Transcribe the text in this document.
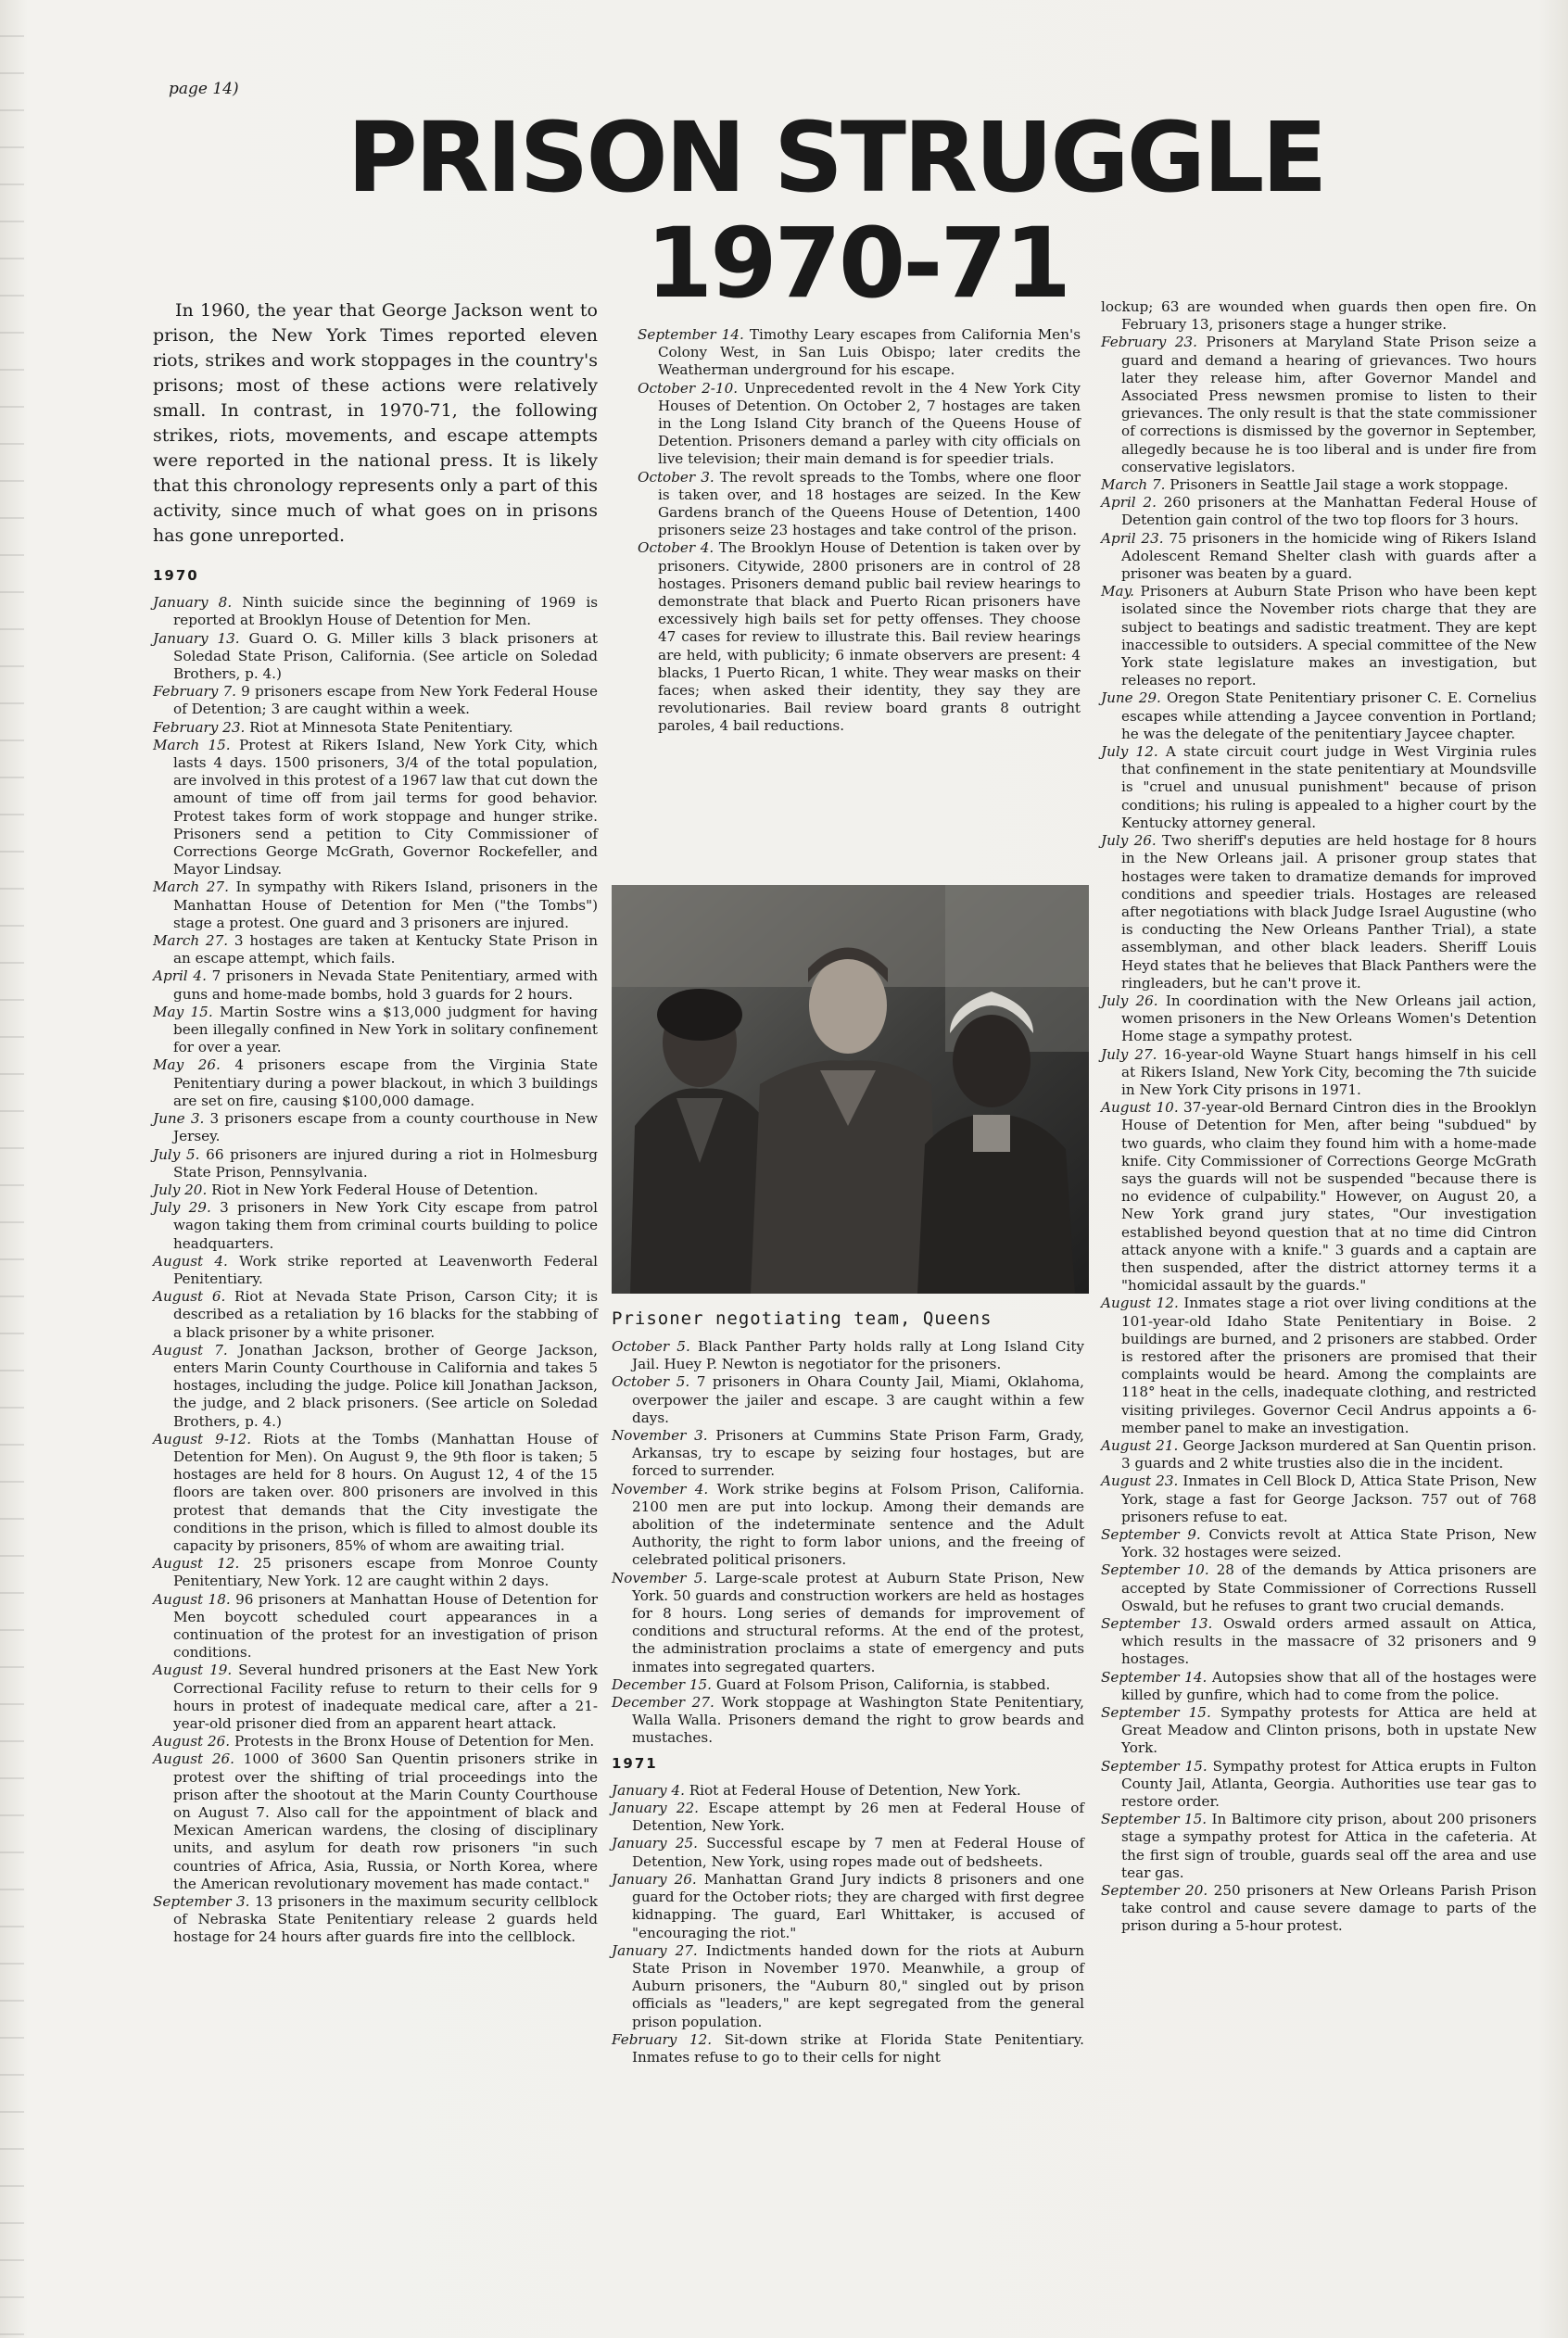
page 14)
PRISON STRUGGLE
1970-71

In 1960, the year that George Jackson went to prison, the New York Times reported eleven riots, strikes and work stoppages in the country's prisons; most of these actions were relatively small. In contrast, in 1970-71, the following strikes, riots, movements, and escape attempts were reported in the national press. It is likely that this chronology represents only a part of this activity, since much of what goes on in prisons has gone unreported.

1970
January 8. Ninth suicide since the beginning of 1969 is reported at Brooklyn House of Detention for Men.
January 13. Guard O. G. Miller kills 3 black prisoners at Soledad State Prison, California. (See article on Soledad Brothers, p. 4.)
February 7. 9 prisoners escape from New York Federal House of Detention; 3 are caught within a week.
February 23. Riot at Minnesota State Penitentiary.
March 15. Protest at Rikers Island, New York City, which lasts 4 days. 1500 prisoners, 3/4 of the total population, are involved in this protest of a 1967 law that cut down the amount of time off from jail terms for good behavior. Protest takes form of work stoppage and hunger strike. Prisoners send a petition to City Commissioner of Corrections George McGrath, Governor Rockefeller, and Mayor Lindsay.
March 27. In sympathy with Rikers Island, prisoners in the Manhattan House of Detention for Men ("the Tombs") stage a protest. One guard and 3 prisoners are injured.
March 27. 3 hostages are taken at Kentucky State Prison in an escape attempt, which fails.
April 4. 7 prisoners in Nevada State Penitentiary, armed with guns and home-made bombs, hold 3 guards for 2 hours.
May 15. Martin Sostre wins a $13,000 judgment for having been illegally confined in New York in solitary confinement for over a year.
May 26. 4 prisoners escape from the Virginia State Penitentiary during a power blackout, in which 3 buildings are set on fire, causing $100,000 damage.
June 3. 3 prisoners escape from a county courthouse in New Jersey.
July 5. 66 prisoners are injured during a riot in Holmesburg State Prison, Pennsylvania.
July 20. Riot in New York Federal House of Detention.
July 29. 3 prisoners in New York City escape from patrol wagon taking them from criminal courts building to police headquarters.
August 4. Work strike reported at Leavenworth Federal Penitentiary.
August 6. Riot at Nevada State Prison, Carson City; it is described as a retaliation by 16 blacks for the stabbing of a black prisoner by a white prisoner.
August 7. Jonathan Jackson, brother of George Jackson, enters Marin County Courthouse in California and takes 5 hostages, including the judge. Police kill Jonathan Jackson, the judge, and 2 black prisoners. (See article on Soledad Brothers, p. 4.)
August 9-12. Riots at the Tombs (Manhattan House of Detention for Men). On August 9, the 9th floor is taken; 5 hostages are held for 8 hours. On August 12, 4 of the 15 floors are taken over. 800 prisoners are involved in this protest that demands that the City investigate the conditions in the prison, which is filled to almost double its capacity by prisoners, 85% of whom are awaiting trial.
August 12. 25 prisoners escape from Monroe County Penitentiary, New York. 12 are caught within 2 days.
August 18. 96 prisoners at Manhattan House of Detention for Men boycott scheduled court appearances in a continuation of the protest for an investigation of prison conditions.
August 19. Several hundred prisoners at the East New York Correctional Facility refuse to return to their cells for 9 hours in protest of inadequate medical care, after a 21-year-old prisoner died from an apparent heart attack.
August 26. Protests in the Bronx House of Detention for Men.
August 26. 1000 of 3600 San Quentin prisoners strike in protest over the shifting of trial proceedings into the prison after the shootout at the Marin County Courthouse on August 7. Also call for the appointment of black and Mexican American wardens, the closing of disciplinary units, and asylum for death row prisoners "in such countries of Africa, Asia, Russia, or North Korea, where the American revolutionary movement has made contact."
September 3. 13 prisoners in the maximum security cellblock of Nebraska State Penitentiary release 2 guards held hostage for 24 hours after guards fire into the cellblock.
September 14. Timothy Leary escapes from California Men's Colony West, in San Luis Obispo; later credits the Weatherman underground for his escape.
October 2-10. Unprecedented revolt in the 4 New York City Houses of Detention. On October 2, 7 hostages are taken in the Long Island City branch of the Queens House of Detention. Prisoners demand a parley with city officials on live television; their main demand is for speedier trials.
October 3. The revolt spreads to the Tombs, where one floor is taken over, and 18 hostages are seized. In the Kew Gardens branch of the Queens House of Detention, 1400 prisoners seize 23 hostages and take control of the prison.
October 4. The Brooklyn House of Detention is taken over by prisoners. Citywide, 2800 prisoners are in control of 28 hostages. Prisoners demand public bail review hearings to demonstrate that black and Puerto Rican prisoners have excessively high bails set for petty offenses. They choose 47 cases for review to illustrate this. Bail review hearings are held, with publicity; 6 inmate observers are present: 4 blacks, 1 Puerto Rican, 1 white. They wear masks on their faces; when asked their identity, they say they are revolutionaries. Bail review board grants 8 outright paroles, 4 bail reductions.
Prisoner negotiating team, Queens
October 5. Black Panther Party holds rally at Long Island City Jail. Huey P. Newton is negotiator for the prisoners.
October 5. 7 prisoners in Ohara County Jail, Miami, Oklahoma, overpower the jailer and escape. 3 are caught within a few days.
November 3. Prisoners at Cummins State Prison Farm, Grady, Arkansas, try to escape by seizing four hostages, but are forced to surrender.
November 4. Work strike begins at Folsom Prison, California. 2100 men are put into lockup. Among their demands are abolition of the indeterminate sentence and the Adult Authority, the right to form labor unions, and the freeing of celebrated political prisoners.
November 5. Large-scale protest at Auburn State Prison, New York. 50 guards and construction workers are held as hostages for 8 hours. Long series of demands for improvement of conditions and structural reforms. At the end of the protest, the administration proclaims a state of emergency and puts inmates into segregated quarters.
December 15. Guard at Folsom Prison, California, is stabbed.
December 27. Work stoppage at Washington State Penitentiary, Walla Walla. Prisoners demand the right to grow beards and mustaches.
1971
January 4. Riot at Federal House of Detention, New York.
January 22. Escape attempt by 26 men at Federal House of Detention, New York.
January 25. Successful escape by 7 men at Federal House of Detention, New York, using ropes made out of bedsheets.
January 26. Manhattan Grand Jury indicts 8 prisoners and one guard for the October riots; they are charged with first degree kidnapping. The guard, Earl Whittaker, is accused of "encouraging the riot."
January 27. Indictments handed down for the riots at Auburn State Prison in November 1970. Meanwhile, a group of Auburn prisoners, the "Auburn 80," singled out by prison officials as "leaders," are kept segregated from the general prison population.
February 12. Sit-down strike at Florida State Penitentiary. Inmates refuse to go to their cells for night
lockup; 63 are wounded when guards then open fire. On February 13, prisoners stage a hunger strike.
February 23. Prisoners at Maryland State Prison seize a guard and demand a hearing of grievances. Two hours later they release him, after Governor Mandel and Associated Press newsmen promise to listen to their grievances. The only result is that the state commissioner of corrections is dismissed by the governor in September, allegedly because he is too liberal and is under fire from conservative legislators.
March 7. Prisoners in Seattle Jail stage a work stoppage.
April 2. 260 prisoners at the Manhattan Federal House of Detention gain control of the two top floors for 3 hours.
April 23. 75 prisoners in the homicide wing of Rikers Island Adolescent Remand Shelter clash with guards after a prisoner was beaten by a guard.
May. Prisoners at Auburn State Prison who have been kept isolated since the November riots charge that they are subject to beatings and sadistic treatment. They are kept inaccessible to outsiders. A special committee of the New York state legislature makes an investigation, but releases no report.
June 29. Oregon State Penitentiary prisoner C. E. Cornelius escapes while attending a Jaycee convention in Portland; he was the delegate of the penitentiary Jaycee chapter.
July 12. A state circuit court judge in West Virginia rules that confinement in the state penitentiary at Moundsville is "cruel and unusual punishment" because of prison conditions; his ruling is appealed to a higher court by the Kentucky attorney general.
July 26. Two sheriff's deputies are held hostage for 8 hours in the New Orleans jail. A prisoner group states that hostages were taken to dramatize demands for improved conditions and speedier trials. Hostages are released after negotiations with black Judge Israel Augustine (who is conducting the New Orleans Panther Trial), a state assemblyman, and other black leaders. Sheriff Louis Heyd states that he believes that Black Panthers were the ringleaders, but he can't prove it.
July 26. In coordination with the New Orleans jail action, women prisoners in the New Orleans Women's Detention Home stage a sympathy protest.
July 27. 16-year-old Wayne Stuart hangs himself in his cell at Rikers Island, New York City, becoming the 7th suicide in New York City prisons in 1971.
August 10. 37-year-old Bernard Cintron dies in the Brooklyn House of Detention for Men, after being "subdued" by two guards, who claim they found him with a home-made knife. City Commissioner of Corrections George McGrath says the guards will not be suspended "because there is no evidence of culpability." However, on August 20, a New York grand jury states, "Our investigation established beyond question that at no time did Cintron attack anyone with a knife." 3 guards and a captain are then suspended, after the district attorney terms it a "homicidal assault by the guards."
August 12. Inmates stage a riot over living conditions at the 101-year-old Idaho State Penitentiary in Boise. 2 buildings are burned, and 2 prisoners are stabbed. Order is restored after the prisoners are promised that their complaints would be heard. Among the complaints are 118° heat in the cells, inadequate clothing, and restricted visiting privileges. Governor Cecil Andrus appoints a 6-member panel to make an investigation.
August 21. George Jackson murdered at San Quentin prison. 3 guards and 2 white trusties also die in the incident.
August 23. Inmates in Cell Block D, Attica State Prison, New York, stage a fast for George Jackson. 757 out of 768 prisoners refuse to eat.
September 9. Convicts revolt at Attica State Prison, New York. 32 hostages were seized.
September 10. 28 of the demands by Attica prisoners are accepted by State Commissioner of Corrections Russell Oswald, but he refuses to grant two crucial demands.
September 13. Oswald orders armed assault on Attica, which results in the massacre of 32 prisoners and 9 hostages.
September 14. Autopsies show that all of the hostages were killed by gunfire, which had to come from the police.
September 15. Sympathy protests for Attica are held at Great Meadow and Clinton prisons, both in upstate New York.
September 15. Sympathy protest for Attica erupts in Fulton County Jail, Atlanta, Georgia. Authorities use tear gas to restore order.
September 15. In Baltimore city prison, about 200 prisoners stage a sympathy protest for Attica in the cafeteria. At the first sign of trouble, guards seal off the area and use tear gas.
September 20. 250 prisoners at New Orleans Parish Prison take control and cause severe damage to parts of the prison during a 5-hour protest.
